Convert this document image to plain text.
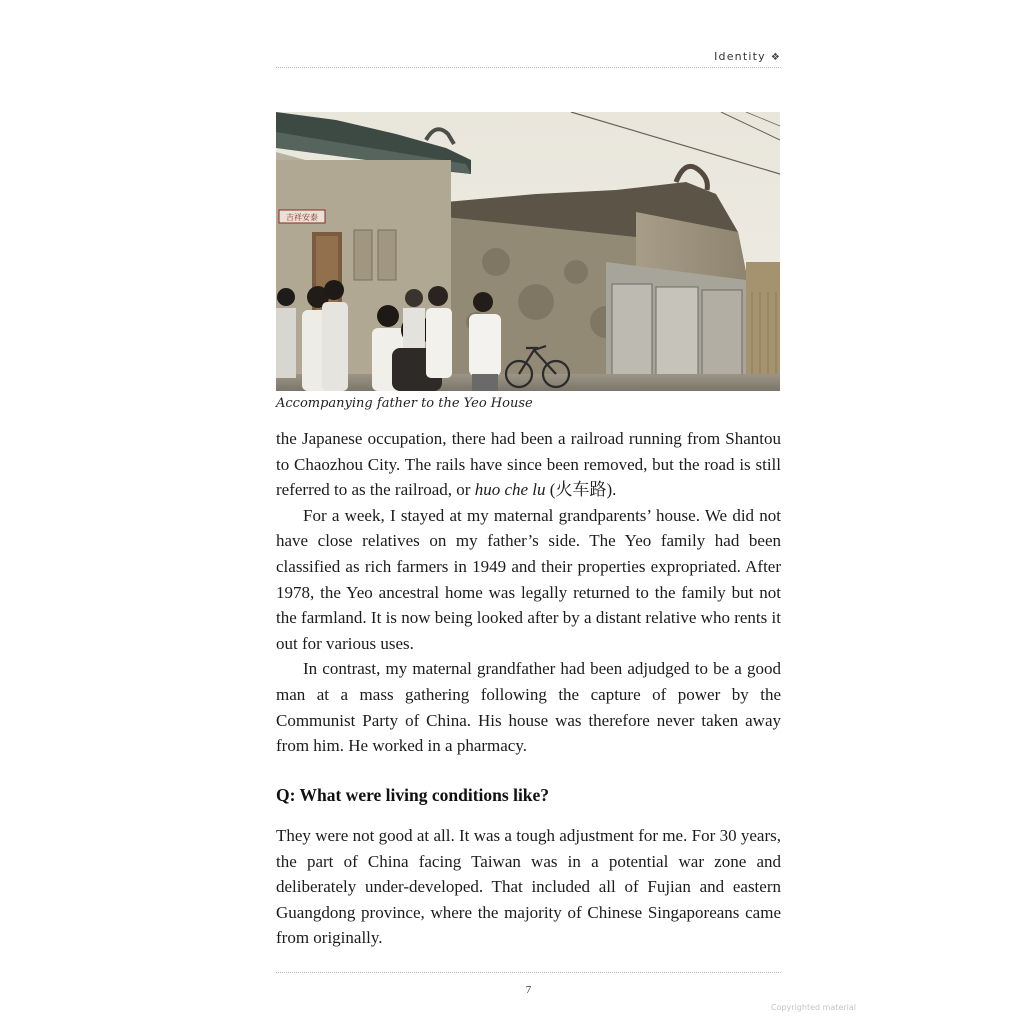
Identity ❖
吉祥安泰
Accompanying father to the Yeo House

the Japanese occupation, there had been a railroad running from Shantou to Chaozhou City. The rails have since been removed, but the road is still referred to as the railroad, or huo che lu (火车路).

For a week, I stayed at my maternal grandparents’ house. We did not have close relatives on my father’s side. The Yeo family had been classified as rich farmers in 1949 and their properties expropriated. After 1978, the Yeo ancestral home was legally returned to the family but not the farmland. It is now being looked after by a distant relative who rents it out for various uses.

In contrast, my maternal grandfather had been adjudged to be a good man at a mass gathering following the capture of power by the Communist Party of China. His house was therefore never taken away from him. He worked in a pharmacy.

Q: What were living conditions like?

They were not good at all. It was a tough adjustment for me. For 30 years, the part of China facing Taiwan was in a potential war zone and deliberately under-developed. That included all of Fujian and eastern Guangdong province, where the majority of Chinese Singaporeans came from originally.

7
Copyrighted material
